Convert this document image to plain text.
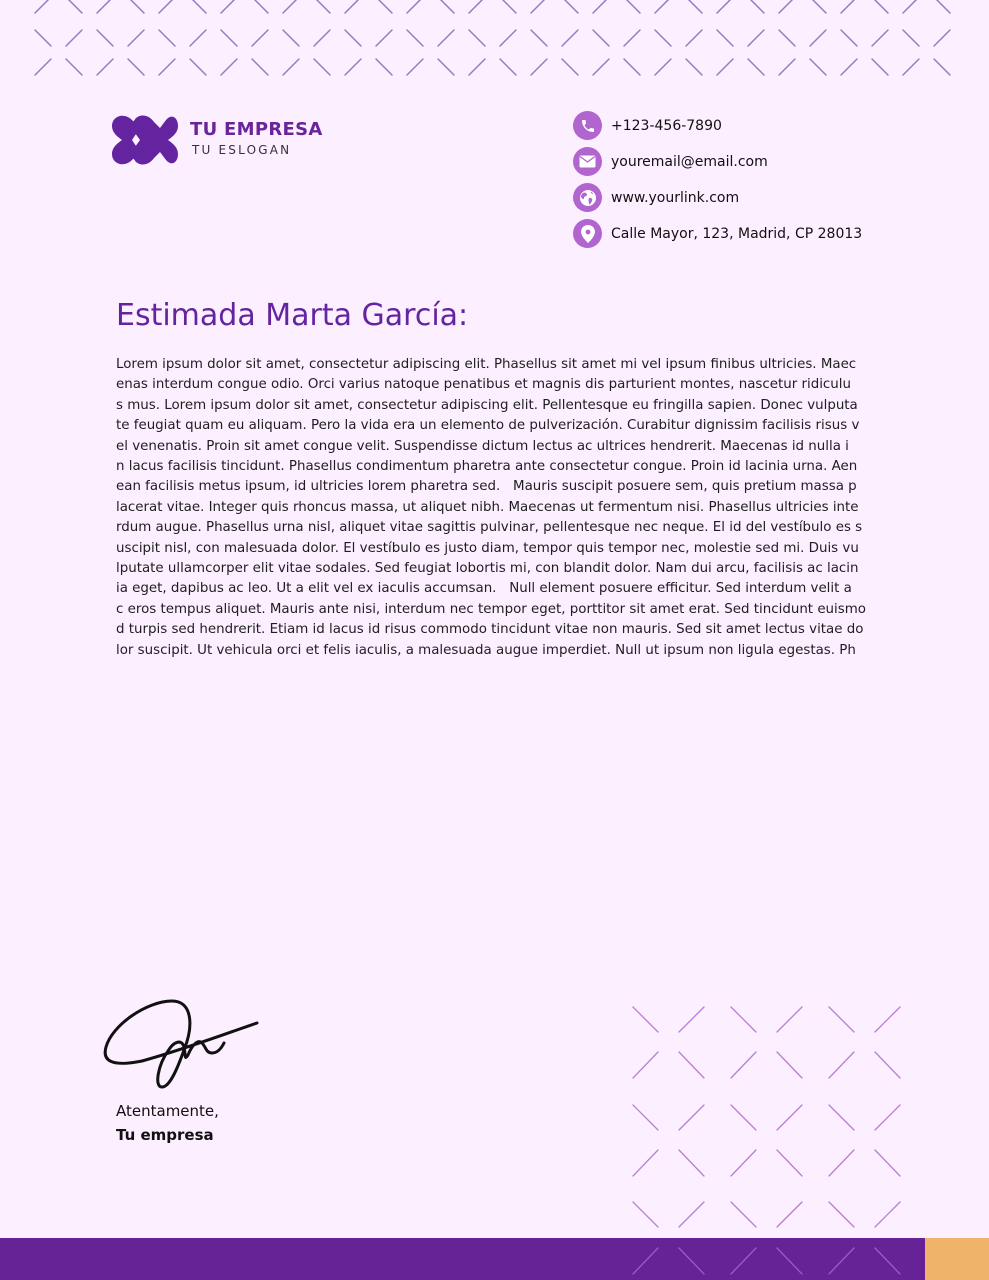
TU EMPRESA
TU ESLOGAN
+123-456-7890
youremail@email.com
www.yourlink.com
Calle Mayor, 123, Madrid, CP 28013
Estimada Marta García:
Lorem ipsum dolor sit amet, consectetur adipiscing elit. Phasellus sit amet mi vel ipsum finibus ultricies. Maec
enas interdum congue odio. Orci varius natoque penatibus et magnis dis parturient montes, nascetur ridiculu
s mus. Lorem ipsum dolor sit amet, consectetur adipiscing elit. Pellentesque eu fringilla sapien. Donec vulputa
te feugiat quam eu aliquam. Pero la vida era un elemento de pulverización. Curabitur dignissim facilisis risus v
el venenatis. Proin sit amet congue velit. Suspendisse dictum lectus ac ultrices hendrerit. Maecenas id nulla i
n lacus facilisis tincidunt. Phasellus condimentum pharetra ante consectetur congue. Proin id lacinia urna. Aen
ean facilisis metus ipsum, id ultricies lorem pharetra sed.   Mauris suscipit posuere sem, quis pretium massa p
lacerat vitae. Integer quis rhoncus massa, ut aliquet nibh. Maecenas ut fermentum nisi. Phasellus ultricies inte
rdum augue. Phasellus urna nisl, aliquet vitae sagittis pulvinar, pellentesque nec neque. El id del vestíbulo es s
uscipit nisl, con malesuada dolor. El vestíbulo es justo diam, tempor quis tempor nec, molestie sed mi. Duis vu
lputate ullamcorper elit vitae sodales. Sed feugiat lobortis mi, con blandit dolor. Nam dui arcu, facilisis ac lacin
ia eget, dapibus ac leo. Ut a elit vel ex iaculis accumsan.   Null element posuere efficitur. Sed interdum velit a
c eros tempus aliquet. Mauris ante nisi, interdum nec tempor eget, porttitor sit amet erat. Sed tincidunt euismo
d turpis sed hendrerit. Etiam id lacus id risus commodo tincidunt vitae non mauris. Sed sit amet lectus vitae do
lor suscipit. Ut vehicula orci et felis iaculis, a malesuada augue imperdiet. Null ut ipsum non ligula egestas. Ph
Atentamente,
Tu empresa
